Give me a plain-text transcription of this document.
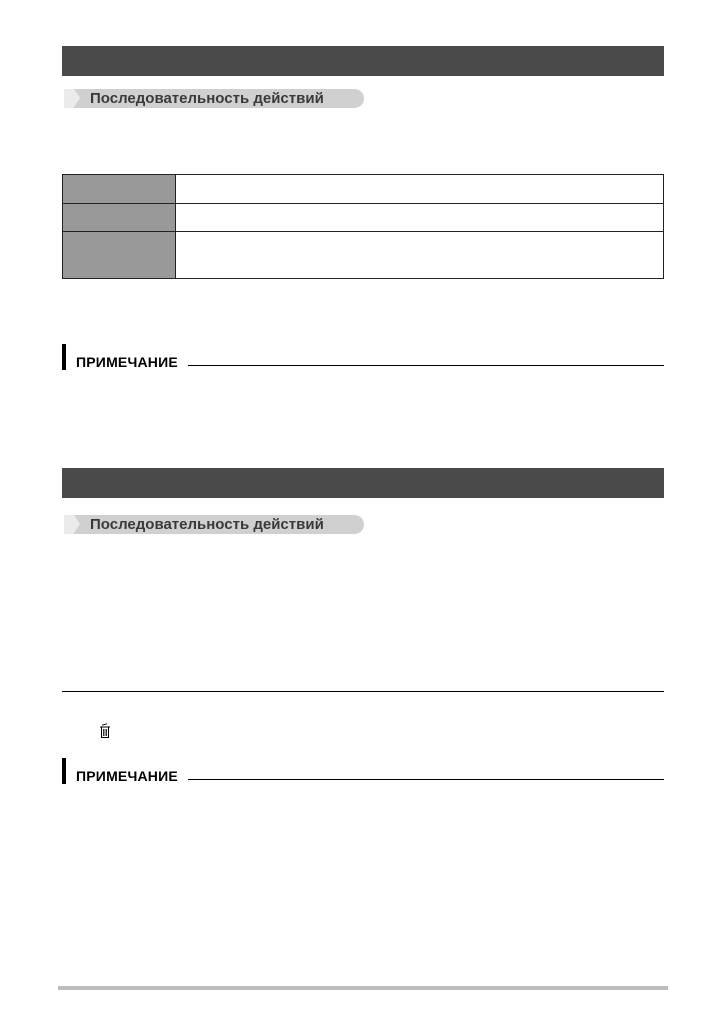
Последовательность действий

ПРИМЕЧАНИЕ
Последовательность действий
ПРИМЕЧАНИЕ
